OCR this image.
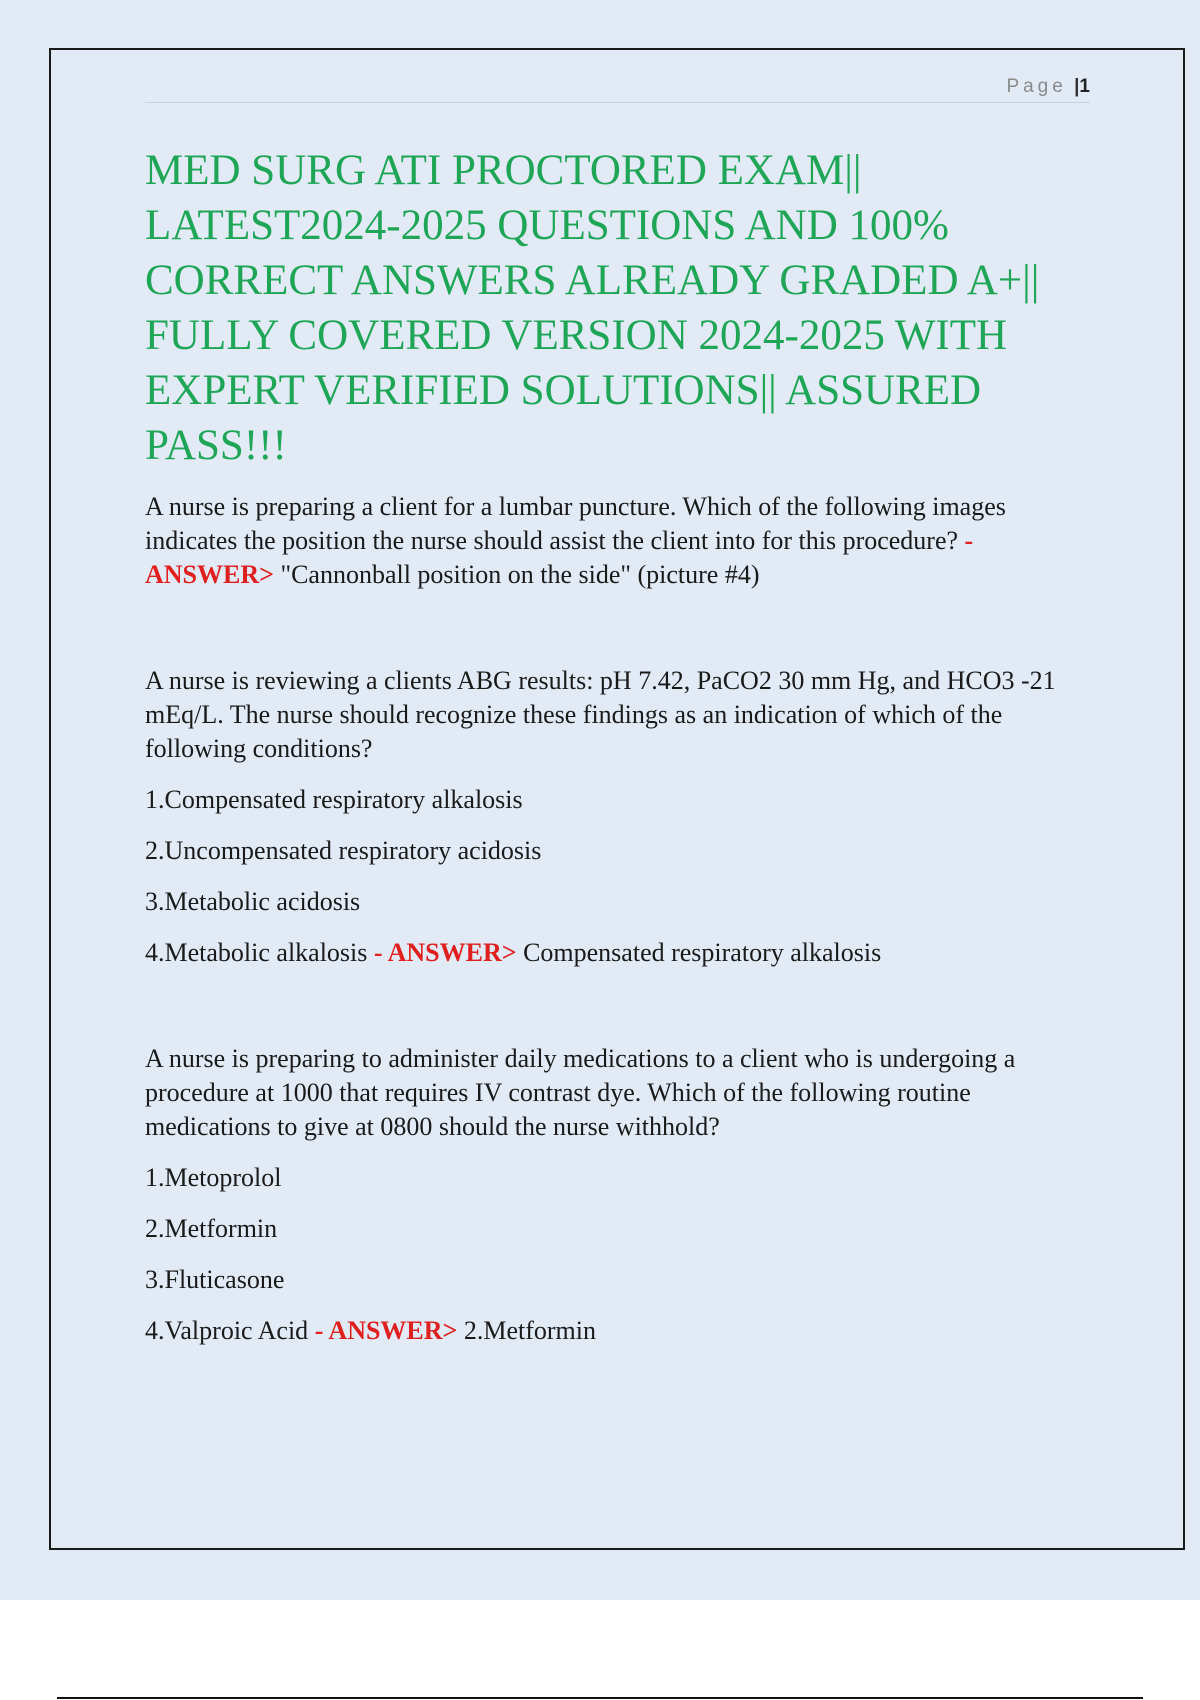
Page |1
MED SURG ATI PROCTORED EXAM|| LATEST2024-2025 QUESTIONS AND 100% CORRECT ANSWERS ALREADY GRADED A+|| FULLY COVERED VERSION 2024-2025 WITH EXPERT VERIFIED SOLUTIONS|| ASSURED PASS!!!

A nurse is preparing a client for a lumbar puncture. Which of the following images indicates the position the nurse should assist the client into for this procedure? - ANSWER> "Cannonball position on the side" (picture #4)

A nurse is reviewing a clients ABG results: pH 7.42, PaCO2 30 mm Hg, and HCO3 -21 mEq/L. The nurse should recognize these findings as an indication of which of the following conditions?

1.Compensated respiratory alkalosis

2.Uncompensated respiratory acidosis

3.Metabolic acidosis

4.Metabolic alkalosis - ANSWER> Compensated respiratory alkalosis

A nurse is preparing to administer daily medications to a client who is undergoing a procedure at 1000 that requires IV contrast dye. Which of the following routine medications to give at 0800 should the nurse withhold?

1.Metoprolol

2.Metformin

3.Fluticasone

4.Valproic Acid - ANSWER> 2.Metformin
